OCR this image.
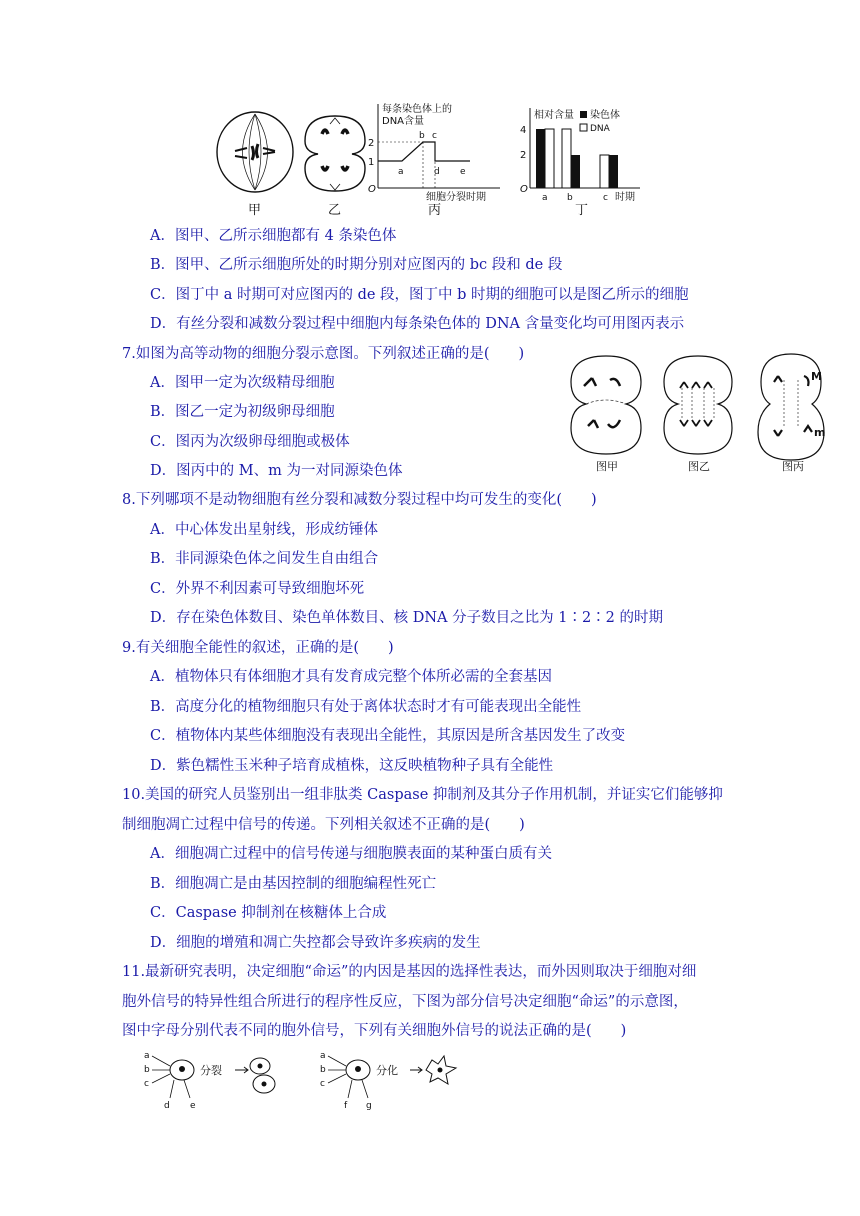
每条染色体上的
DNA含量
2
1
O
a
b c
d e
细胞分裂时期
相对含量 染色体
DNA
4
2
O
a b	c 时期
甲	乙	丙	丁
A．图甲、乙所示细胞都有 4 条染色体
B．图甲、乙所示细胞所处的时期分别对应图丙的 bc 段和 de 段
C．图丁中 a 时期可对应图丙的 de 段，图丁中 b 时期的细胞可以是图乙所示的细胞
D．有丝分裂和减数分裂过程中细胞内每条染色体的 DNA 含量变化均可用图丙表示
7.如图为高等动物的细胞分裂示意图。下列叙述正确的是(　　)
A．图甲一定为次级精母细胞
B．图乙一定为初级卵母细胞
C．图丙为次级卵母细胞或极体
D．图丙中的 M、m 为一对同源染色体
M
m
图甲	图乙	图丙
8.下列哪项不是动物细胞有丝分裂和减数分裂过程中均可发生的变化(　　)
A．中心体发出星射线，形成纺锤体
B．非同源染色体之间发生自由组合
C．外界不利因素可导致细胞坏死
D．存在染色体数目、染色单体数目、核 DNA 分子数目之比为 1∶2∶2 的时期
9.有关细胞全能性的叙述，正确的是(　　)
A．植物体只有体细胞才具有发育成完整个体所必需的全套基因
B．高度分化的植物细胞只有处于离体状态时才有可能表现出全能性
C．植物体内某些体细胞没有表现出全能性，其原因是所含基因发生了改变
D．紫色糯性玉米种子培育成植株，这反映植物种子具有全能性
10.美国的研究人员鉴别出一组非肽类 Caspase 抑制剂及其分子作用机制，并证实它们能够抑
制细胞凋亡过程中信号的传递。下列相关叙述不正确的是(　　)
A．细胞凋亡过程中的信号传递与细胞膜表面的某种蛋白质有关
B．细胞凋亡是由基因控制的细胞编程性死亡
C．Caspase 抑制剂在核糖体上合成
D．细胞的增殖和凋亡失控都会导致许多疾病的发生
11.最新研究表明，决定细胞“命运”的内因是基因的选择性表达，而外因则取决于细胞对细
胞外信号的特异性组合所进行的程序性反应，下图为部分信号决定细胞“命运”的示意图，
图中字母分别代表不同的胞外信号，下列有关细胞外信号的说法正确的是(　　)
a
b
c
d e
分裂
a
b
c
f g
分化
